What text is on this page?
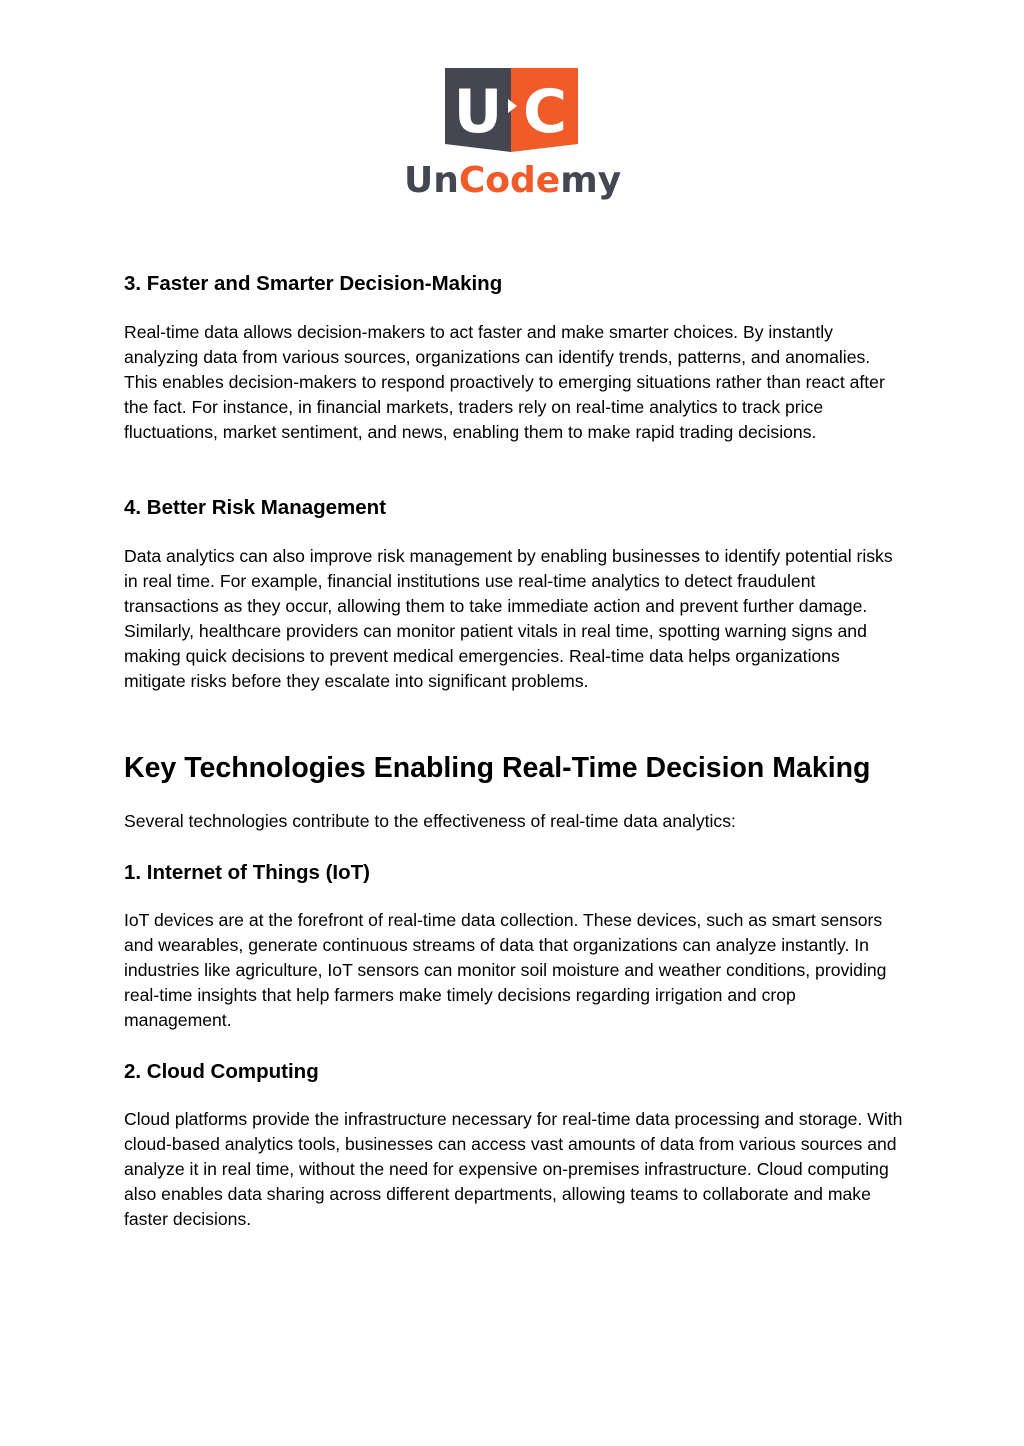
U C
UnCodemy
3. Faster and Smarter Decision-Making

Real-time data allows decision-makers to act faster and make smarter choices. By instantly analyzing data from various sources, organizations can identify trends, patterns, and anomalies. This enables decision-makers to respond proactively to emerging situations rather than react after the fact. For instance, in financial markets, traders rely on real-time analytics to track price fluctuations, market sentiment, and news, enabling them to make rapid trading decisions.

4. Better Risk Management

Data analytics can also improve risk management by enabling businesses to identify potential risks in real time. For example, financial institutions use real-time analytics to detect fraudulent transactions as they occur, allowing them to take immediate action and prevent further damage. Similarly, healthcare providers can monitor patient vitals in real time, spotting warning signs and making quick decisions to prevent medical emergencies. Real-time data helps organizations mitigate risks before they escalate into significant problems.

Key Technologies Enabling Real-Time Decision Making

Several technologies contribute to the effectiveness of real-time data analytics:

1. Internet of Things (IoT)

IoT devices are at the forefront of real-time data collection. These devices, such as smart sensors and wearables, generate continuous streams of data that organizations can analyze instantly. In industries like agriculture, IoT sensors can monitor soil moisture and weather conditions, providing real-time insights that help farmers make timely decisions regarding irrigation and crop management.

2. Cloud Computing

Cloud platforms provide the infrastructure necessary for real-time data processing and storage. With cloud-based analytics tools, businesses can access vast amounts of data from various sources and analyze it in real time, without the need for expensive on-premises infrastructure. Cloud computing also enables data sharing across different departments, allowing teams to collaborate and make faster decisions.
